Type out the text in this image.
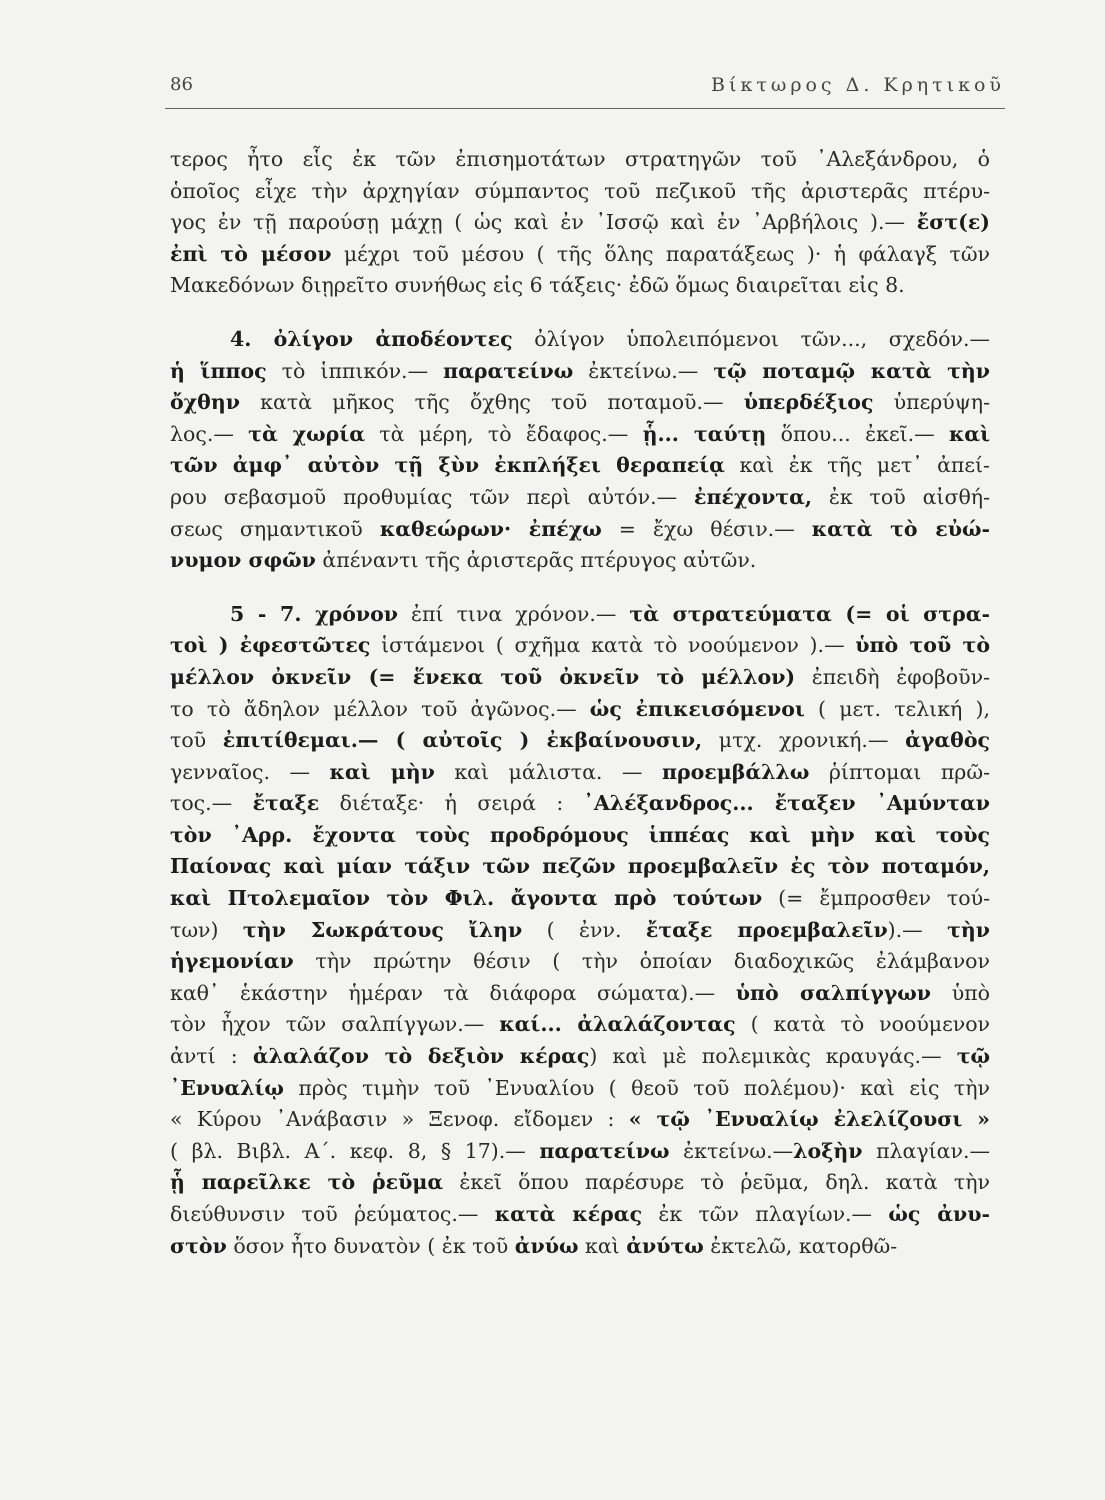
86	Βίκτωρος Δ. Κρητικοῦ
τερος ἦτο εἷς ἐκ τῶν ἐπισημοτάτων στρατηγῶν τοῦ ᾿Αλεξάνδρου, ὁ
ὁποῖος εἶχε τὴν ἀρχηγίαν σύμπαντος τοῦ πεζικοῦ τῆς ἀριστερᾶς πτέρυ-
γος ἐν τῇ παρούσῃ μάχῃ ( ὡς καὶ ἐν ᾿Ισσῷ καὶ ἐν ᾿Αρβήλοις ).— ἔστ(ε)
ἐπὶ τὸ μέσον μέχρι τοῦ μέσου ( τῆς ὅλης παρατάξεως )· ἡ φάλαγξ τῶν
Μακεδόνων διῃρεῖτο συνήθως εἰς 6 τάξεις· ἐδῶ ὅμως διαιρεῖται εἰς 8.
4. ὀλίγον ἀποδέοντες ὀλίγον ὑπολειπόμενοι τῶν..., σχεδόν.—
ἡ ἵππος τὸ ἱππικόν.— παρατείνω ἐκτείνω.— τῷ ποταμῷ κατὰ τὴν
ὄχθην κατὰ μῆκος τῆς ὄχθης τοῦ ποταμοῦ.— ὑπερδέξιος ὑπερύψη-
λος.— τὰ χωρία τὰ μέρη, τὸ ἔδαφος.— ᾗ... ταύτῃ ὅπου... ἐκεῖ.— καὶ
τῶν ἀμφ᾿ αὐτὸν τῇ ξὺν ἐκπλήξει θεραπείᾳ καὶ ἐκ τῆς μετ᾿ ἀπεί-
ρου σεβασμοῦ προθυμίας τῶν περὶ αὐτόν.— ἐπέχοντα, ἐκ τοῦ αἰσθή-
σεως σημαντικοῦ καθεώρων· ἐπέχω = ἔχω θέσιν.— κατὰ τὸ εὐώ-
νυμον σφῶν ἀπέναντι τῆς ἀριστερᾶς πτέρυγος αὐτῶν.
5 - 7. χρόνον ἐπί τινα χρόνον.— τὰ στρατεύματα (= οἱ στρα-
τοὶ ) ἐφεστῶτες ἱστάμενοι ( σχῆμα κατὰ τὸ νοούμενον ).— ὑπὸ τοῦ τὸ
μέλλον ὀκνεῖν (= ἕνεκα τοῦ ὀκνεῖν τὸ μέλλον) ἐπειδὴ ἐφοβοῦν-
το τὸ ἄδηλον μέλλον τοῦ ἀγῶνος.— ὡς ἐπικεισόμενοι ( μετ. τελική ),
τοῦ ἐπιτίθεμαι.— ( αὐτοῖς ) ἐκβαίνουσιν, μτχ. χρονική.— ἀγαθὸς
γενναῖος. — καὶ μὴν καὶ μάλιστα. — προεμβάλλω ῥίπτομαι πρῶ-
τος.— ἔταξε διέταξε· ἡ σειρά : ᾿Αλέξανδρος... ἔταξεν ᾿Αμύνταν
τὸν ᾿Αρρ. ἔχοντα τοὺς προδρόμους ἱππέας καὶ μὴν καὶ τοὺς
Παίονας καὶ μίαν τάξιν τῶν πεζῶν προεμβαλεῖν ἐς τὸν ποταμόν,
καὶ Πτολεμαῖον τὸν Φιλ. ἄγοντα πρὸ τούτων (= ἔμπροσθεν τού-
των) τὴν Σωκράτους ἴλην ( ἐνν. ἔταξε προεμβαλεῖν).— τὴν
ἡγεμονίαν τὴν πρώτην θέσιν ( τὴν ὁποίαν διαδοχικῶς ἐλάμβανον
καθ᾿ ἑκάστην ἡμέραν τὰ διάφορα σώματα).— ὑπὸ σαλπίγγων ὑπὸ
τὸν ἦχον τῶν σαλπίγγων.— καί... ἀλαλάζοντας ( κατὰ τὸ νοούμενον
ἀντί : ἀλαλάζον τὸ δεξιὸν κέρας) καὶ μὲ πολεμικὰς κραυγάς.— τῷ
᾿Ενυαλίῳ πρὸς τιμὴν τοῦ ᾿Ενυαλίου ( θεοῦ τοῦ πολέμου)· καὶ εἰς τὴν
« Κύρου ᾿Ανάβασιν » Ξενοφ. εἴδομεν : « τῷ ᾿Ενυαλίῳ ἐλελίζουσι »
( βλ. Βιβλ. Α΄. κεφ. 8, § 17).— παρατείνω ἐκτείνω.—λοξὴν πλαγίαν.—
ᾗ παρεῖλκε τὸ ῥεῦμα ἐκεῖ ὅπου παρέσυρε τὸ ῥεῦμα, δηλ. κατὰ τὴν
διεύθυνσιν τοῦ ῥεύματος.— κατὰ κέρας ἐκ τῶν πλαγίων.— ὡς ἀνυ-
στὸν ὅσον ἦτο δυνατὸν ( ἐκ τοῦ ἀνύω καὶ ἀνύτω ἐκτελῶ, κατορθῶ-
